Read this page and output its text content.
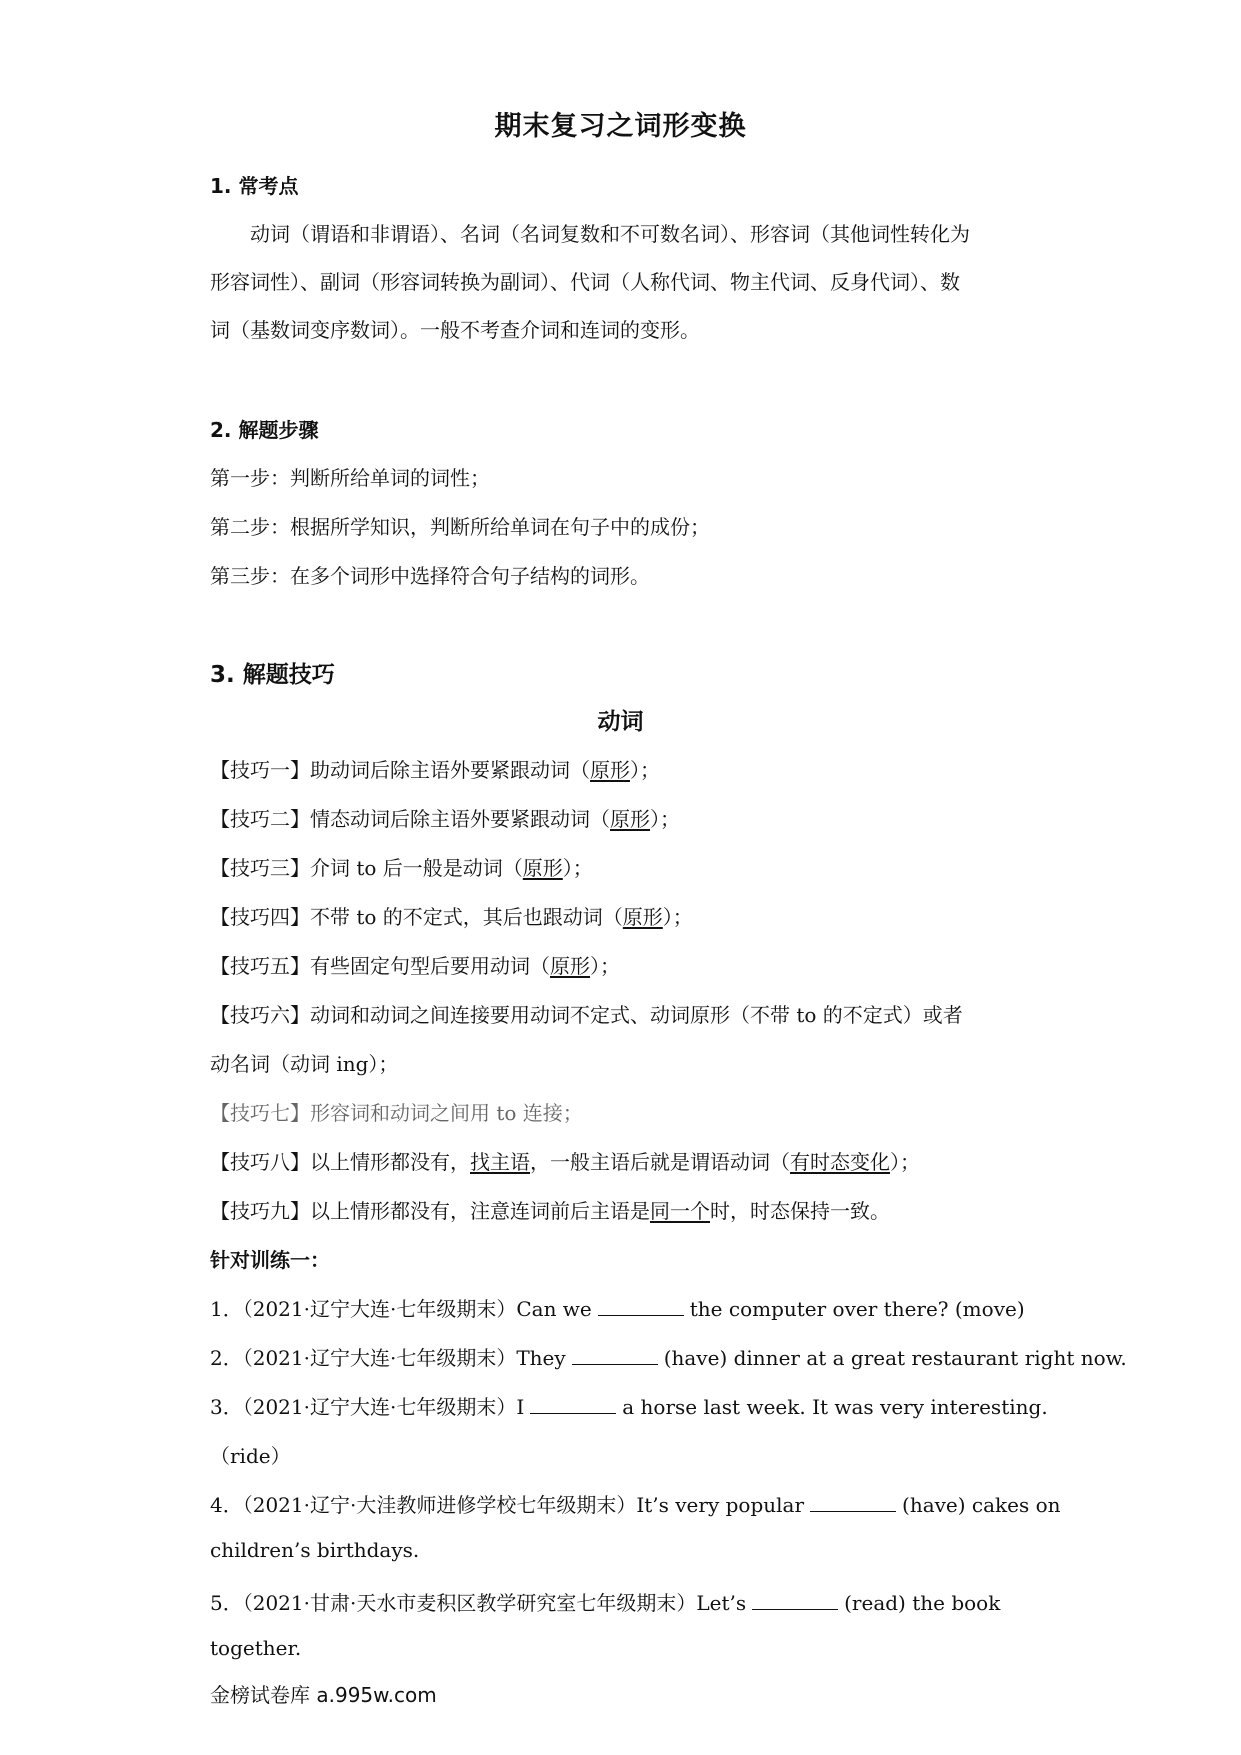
期末复习之词形变换
1. 常考点
动词（谓语和非谓语）、名词（名词复数和不可数名词）、形容词（其他词性转化为
形容词性）、副词（形容词转换为副词）、代词（人称代词、物主代词、反身代词）、数
词（基数词变序数词）。一般不考查介词和连词的变形。
2. 解题步骤
第一步：判断所给单词的词性；
第二步：根据所学知识，判断所给单词在句子中的成份；
第三步：在多个词形中选择符合句子结构的词形。
3. 解题技巧
动词
【技巧一】助动词后除主语外要紧跟动词（原形）；
【技巧二】情态动词后除主语外要紧跟动词（原形）；
【技巧三】介词 to 后一般是动词（原形）；
【技巧四】不带 to 的不定式，其后也跟动词（原形）；
【技巧五】有些固定句型后要用动词（原形）；
【技巧六】动词和动词之间连接要用动词不定式、动词原形（不带 to 的不定式）或者
动名词（动词 ing）；
【技巧七】形容词和动词之间用 to 连接；
【技巧八】以上情形都没有，找主语，一般主语后就是谓语动词（有时态变化）；
【技巧九】以上情形都没有，注意连词前后主语是同一个时，时态保持一致。
针对训练一：
1．（2021·辽宁大连·七年级期末）Can we	the computer over there? (move)
2．（2021·辽宁大连·七年级期末）They	(have) dinner at a great restaurant right now.
3．（2021·辽宁大连·七年级期末）I	a horse last week. It was very interesting.
（ride）
4．（2021·辽宁·大洼教师进修学校七年级期末）It’s very popular	(have) cakes on
children’s birthdays.
5．（2021·甘肃·天水市麦积区教学研究室七年级期末）Let’s	(read) the book
together.
金榜试卷库 a.995w.com
